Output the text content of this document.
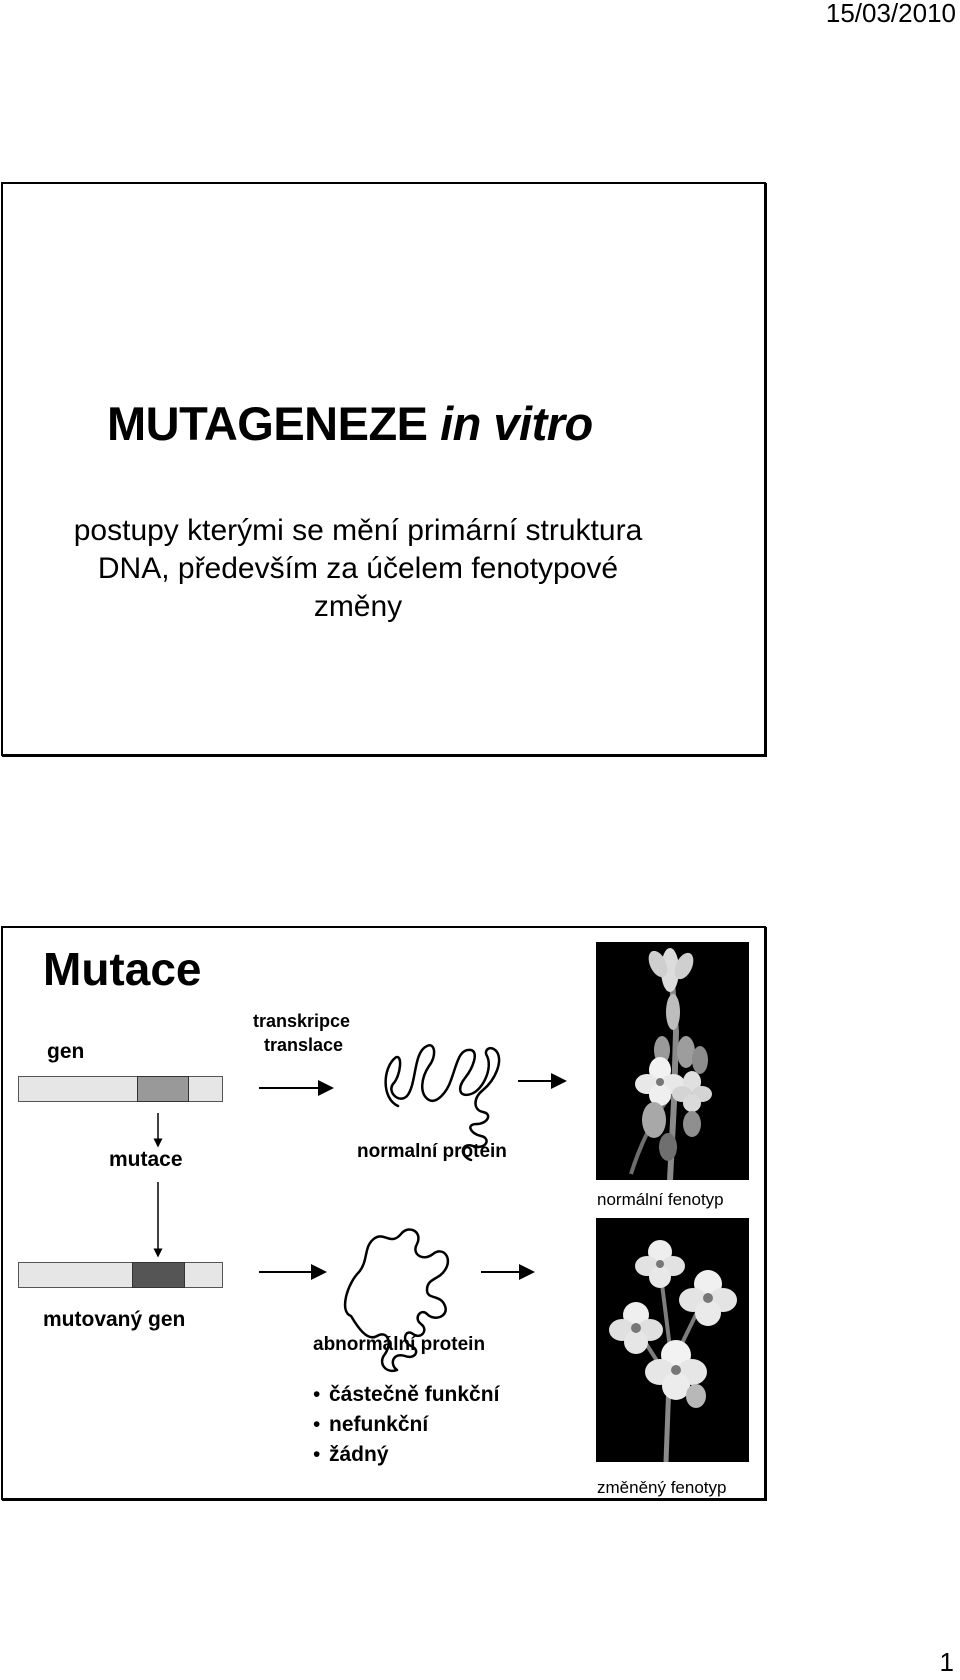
15/03/2010
MUTAGENEZE in vitro

postupy kterými se mění primární struktura DNA, především za účelem fenotypové změny

Mutace
gen
transkripce
translace
mutace	normalní protein
normální fenotyp
mutovaný gen
abnormální protein
• částečně funkční
• nefunkční
• žádný
změněný fenotyp
1
